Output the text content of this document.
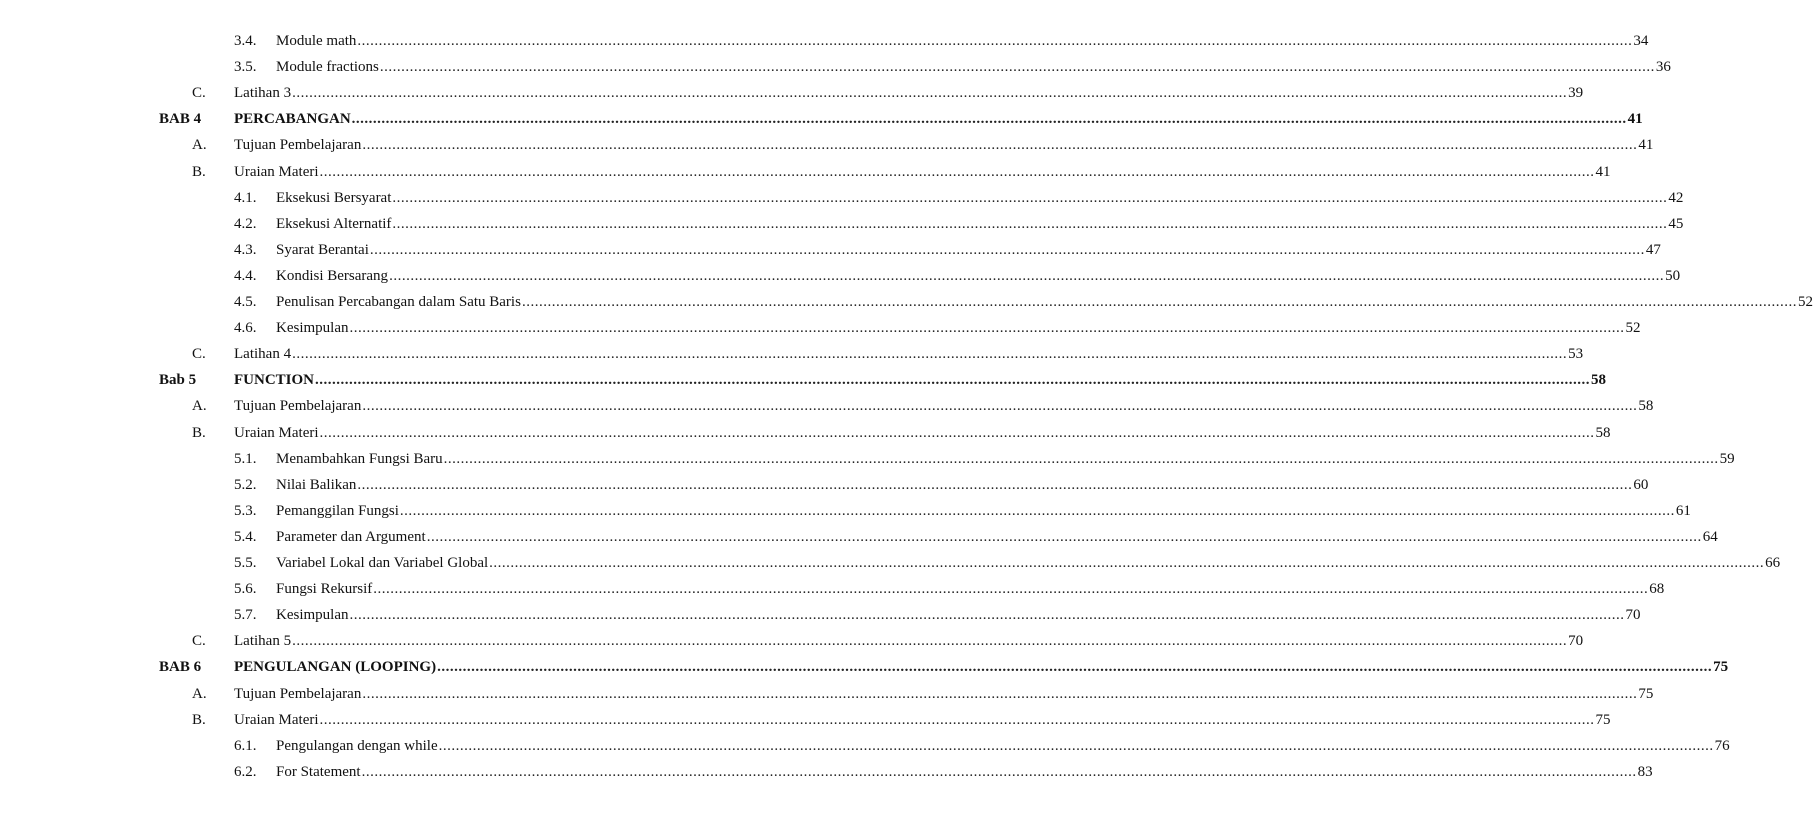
3.4. Module math ............................................................................................................................................................................................................................................................................................................ 34
3.5. Module fractions ............................................................................................................................................................................................................................................................................................................ 36
C. Latihan 3 ............................................................................................................................................................................................................................................................................................................ 39
BAB 4 PERCABANGAN ............................................................................................................................................................................................................................................................................................................ 41
A. Tujuan Pembelajaran ............................................................................................................................................................................................................................................................................................................ 41
B. Uraian Materi ............................................................................................................................................................................................................................................................................................................ 41
4.1. Eksekusi Bersyarat ............................................................................................................................................................................................................................................................................................................ 42
4.2. Eksekusi Alternatif ............................................................................................................................................................................................................................................................................................................ 45
4.3. Syarat Berantai ............................................................................................................................................................................................................................................................................................................ 47
4.4. Kondisi Bersarang ............................................................................................................................................................................................................................................................................................................ 50
4.5. Penulisan Percabangan dalam Satu Baris ............................................................................................................................................................................................................................................................................................................ 52
4.6. Kesimpulan ............................................................................................................................................................................................................................................................................................................ 52
C. Latihan 4 ............................................................................................................................................................................................................................................................................................................ 53
Bab 5	FUNCTION ............................................................................................................................................................................................................................................................................................................ 58
A. Tujuan Pembelajaran ............................................................................................................................................................................................................................................................................................................ 58
B. Uraian Materi ............................................................................................................................................................................................................................................................................................................ 58
5.1. Menambahkan Fungsi Baru ............................................................................................................................................................................................................................................................................................................ 59
5.2. Nilai Balikan ............................................................................................................................................................................................................................................................................................................ 60
5.3. Pemanggilan Fungsi ............................................................................................................................................................................................................................................................................................................ 61
5.4. Parameter dan Argument ............................................................................................................................................................................................................................................................................................................ 64
5.5. Variabel Lokal dan Variabel Global ............................................................................................................................................................................................................................................................................................................ 66
5.6. Fungsi Rekursif ............................................................................................................................................................................................................................................................................................................ 68
5.7. Kesimpulan ............................................................................................................................................................................................................................................................................................................ 70
C. Latihan 5 ............................................................................................................................................................................................................................................................................................................ 70
BAB 6 PENGULANGAN (LOOPING) ............................................................................................................................................................................................................................................................................................................ 75
A. Tujuan Pembelajaran ............................................................................................................................................................................................................................................................................................................ 75
B. Uraian Materi ............................................................................................................................................................................................................................................................................................................ 75
6.1. Pengulangan dengan while ............................................................................................................................................................................................................................................................................................................ 76
6.2. For Statement ............................................................................................................................................................................................................................................................................................................ 83
